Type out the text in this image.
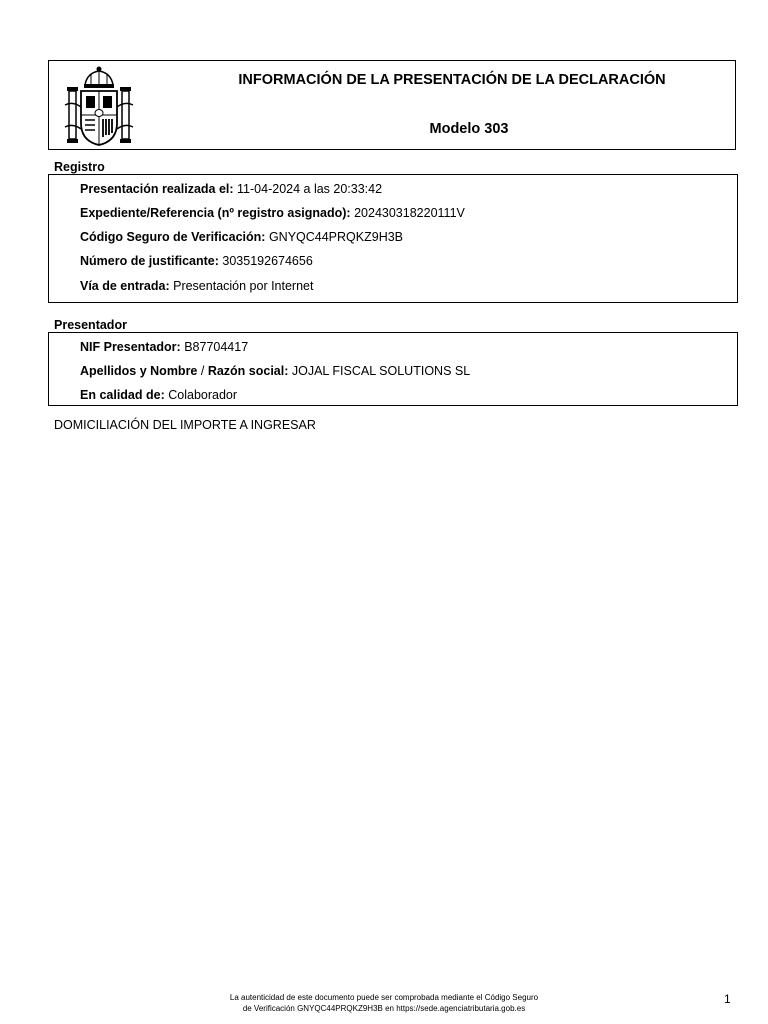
INFORMACIÓN DE LA PRESENTACIÓN DE LA DECLARACIÓN
Modelo 303
Registro
Presentación realizada el: 11-04-2024 a las 20:33:42
Expediente/Referencia (nº registro asignado): 202430318220111V
Código Seguro de Verificación: GNYQC44PRQKZ9H3B
Número de justificante: 3035192674656
Vía de entrada: Presentación por Internet
Presentador
NIF Presentador: B87704417
Apellidos y Nombre / Razón social: JOJAL FISCAL SOLUTIONS SL
En calidad de: Colaborador
DOMICILIACIÓN DEL IMPORTE A INGRESAR
La autenticidad de este documento puede ser comprobada mediante el Código Seguro
de Verificación GNYQC44PRQKZ9H3B en https://sede.agenciatributaria.gob.es
1
